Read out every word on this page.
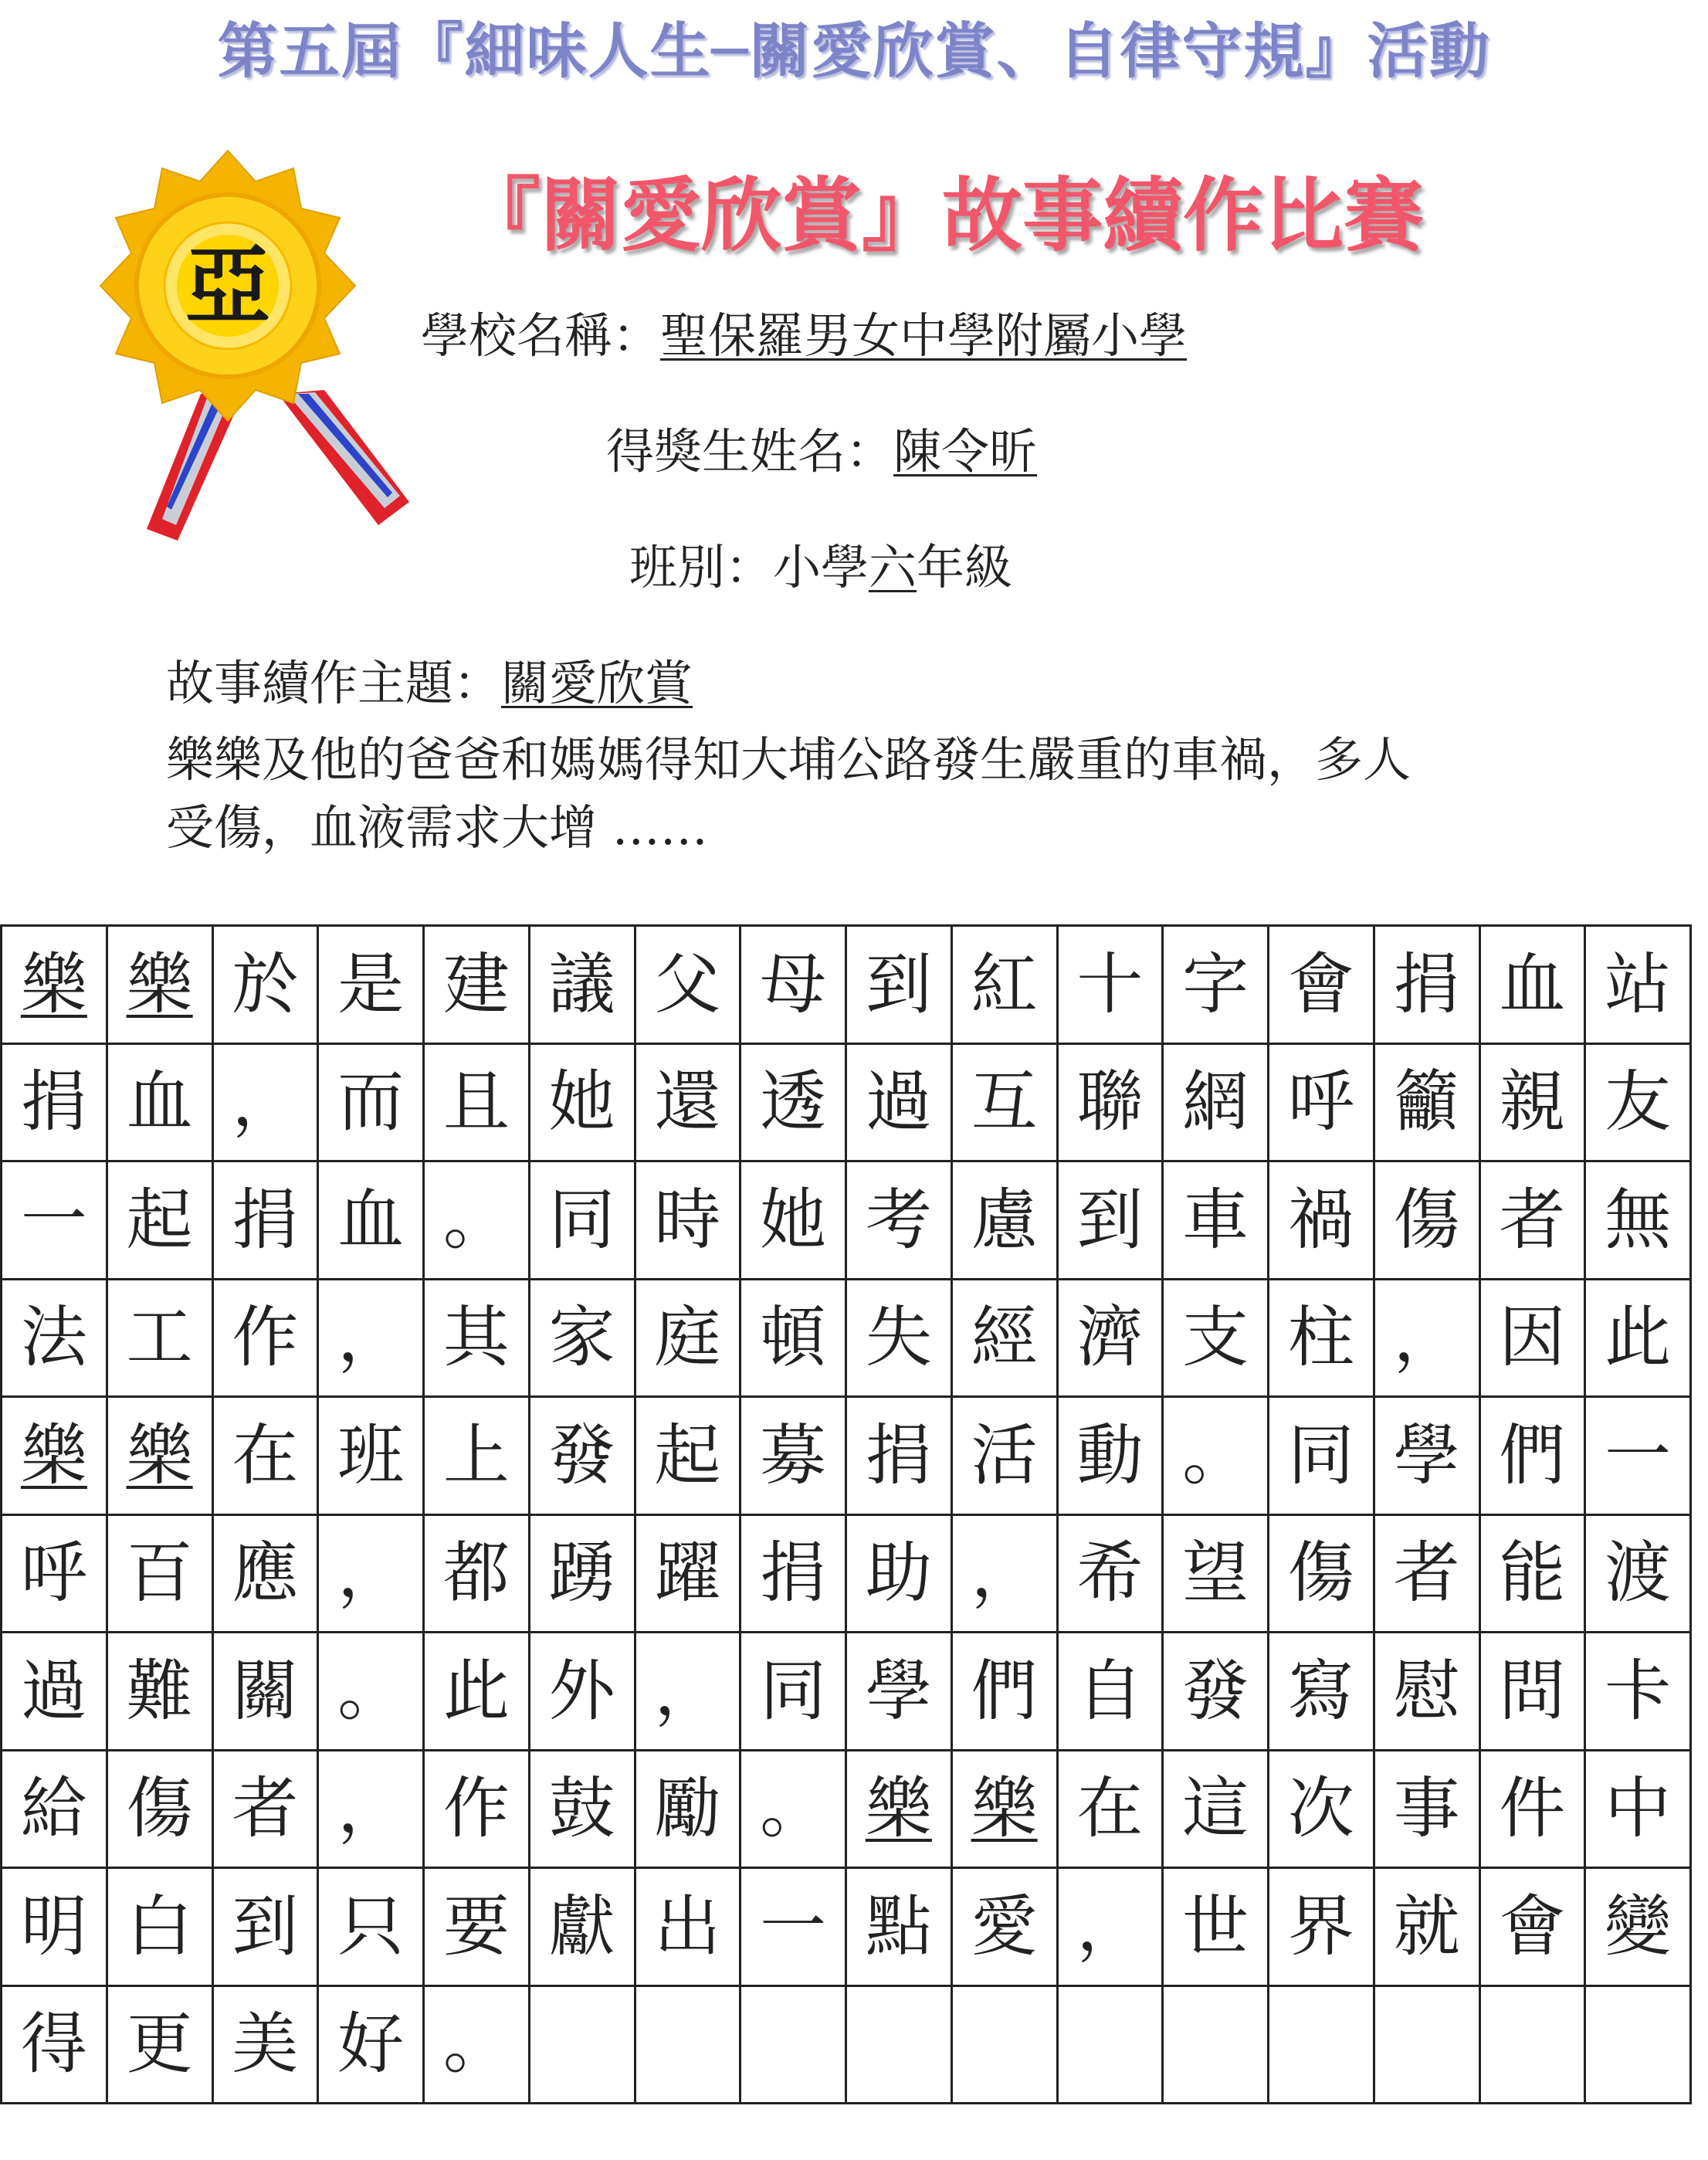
第五屆『細味人生─關愛欣賞、自律守規』活動
亞
『關愛欣賞』故事續作比賽
學校名稱：聖保羅男女中學附屬小學
得獎生姓名：陳令昕
班別：小學六年級
故事續作主題：關愛欣賞
樂樂及他的爸爸和媽媽得知大埔公路發生嚴重的車禍，多人
受傷，血液需求大增 ……
樂 樂 於 是 建 議 父 母 到 紅 十 字 會 捐 血 站
捐 血 ， 而 且 她 還 透 過 互 聯 網 呼 籲 親 友
一 起 捐 血 。 同 時 她 考 慮 到 車 禍 傷 者 無
法 工 作 ， 其 家 庭 頓 失 經 濟 支 柱 ， 因 此
樂 樂 在 班 上 發 起 募 捐 活 動 。 同 學 們 一
呼 百 應 ， 都 踴 躍 捐 助 ， 希 望 傷 者 能 渡
過 難 關 。 此 外 ， 同 學 們 自 發 寫 慰 問 卡
給 傷 者 ， 作 鼓 勵 。 樂 樂 在 這 次 事 件 中
明 白 到 只 要 獻 出 一 點 愛 ， 世 界 就 會 變
得 更 美 好 。
